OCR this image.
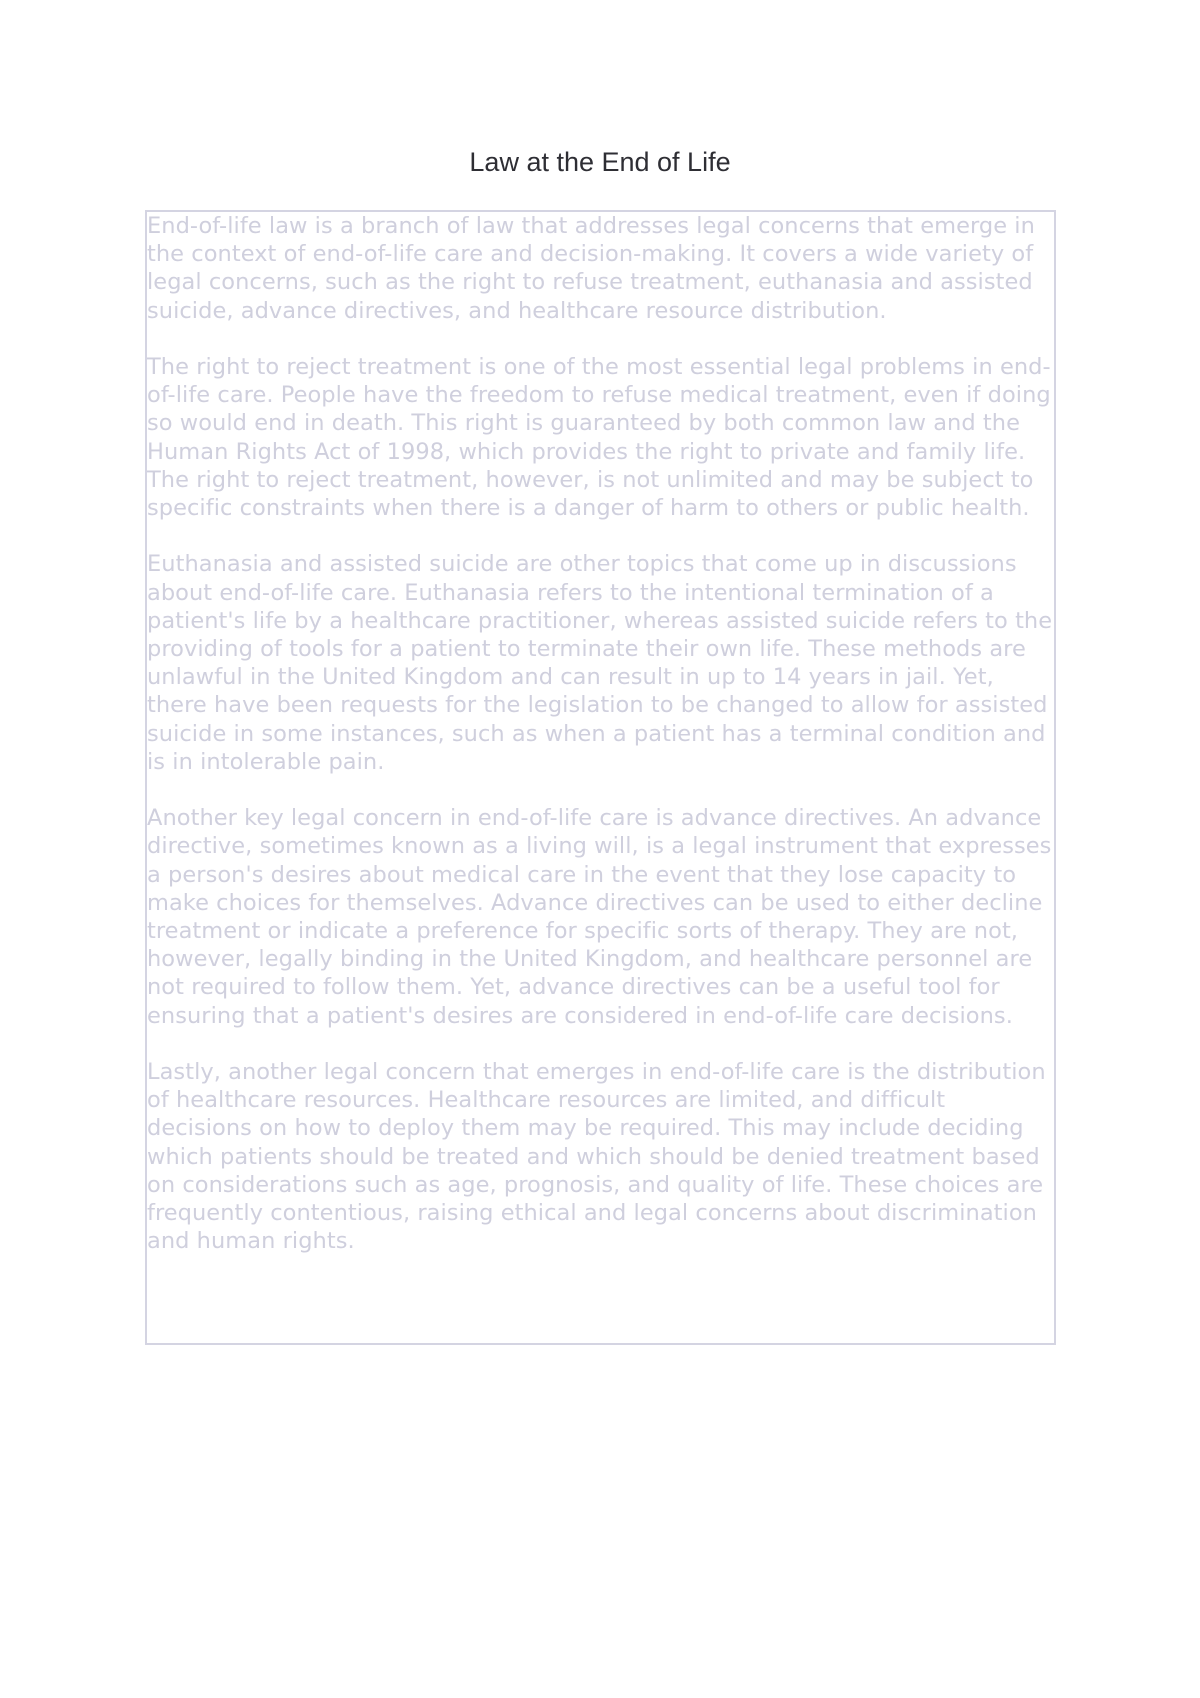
Law at the End of Life

End-of-life law is a branch of law that addresses legal concerns that emerge in the context of end-of-life care and decision-making. It covers a wide variety of legal concerns, such as the right to refuse treatment, euthanasia and assisted suicide, advance directives, and healthcare resource distribution.

The right to reject treatment is one of the most essential legal problems in end-of-life care. People have the freedom to refuse medical treatment, even if doing so would end in death. This right is guaranteed by both common law and the Human Rights Act of 1998, which provides the right to private and family life. The right to reject treatment, however, is not unlimited and may be subject to specific constraints when there is a danger of harm to others or public health.

Euthanasia and assisted suicide are other topics that come up in discussions about end-of-life care. Euthanasia refers to the intentional termination of a patient's life by a healthcare practitioner, whereas assisted suicide refers to the providing of tools for a patient to terminate their own life. These methods are unlawful in the United Kingdom and can result in up to 14 years in jail. Yet, there have been requests for the legislation to be changed to allow for assisted suicide in some instances, such as when a patient has a terminal condition and is in intolerable pain.

Another key legal concern in end-of-life care is advance directives. An advance directive, sometimes known as a living will, is a legal instrument that expresses a person's desires about medical care in the event that they lose capacity to make choices for themselves. Advance directives can be used to either decline treatment or indicate a preference for specific sorts of therapy. They are not, however, legally binding in the United Kingdom, and healthcare personnel are not required to follow them. Yet, advance directives can be a useful tool for ensuring that a patient's desires are considered in end-of-life care decisions.

Lastly, another legal concern that emerges in end-of-life care is the distribution of healthcare resources. Healthcare resources are limited, and difficult decisions on how to deploy them may be required. This may include deciding which patients should be treated and which should be denied treatment based on considerations such as age, prognosis, and quality of life. These choices are frequently contentious, raising ethical and legal concerns about discrimination and human rights.
